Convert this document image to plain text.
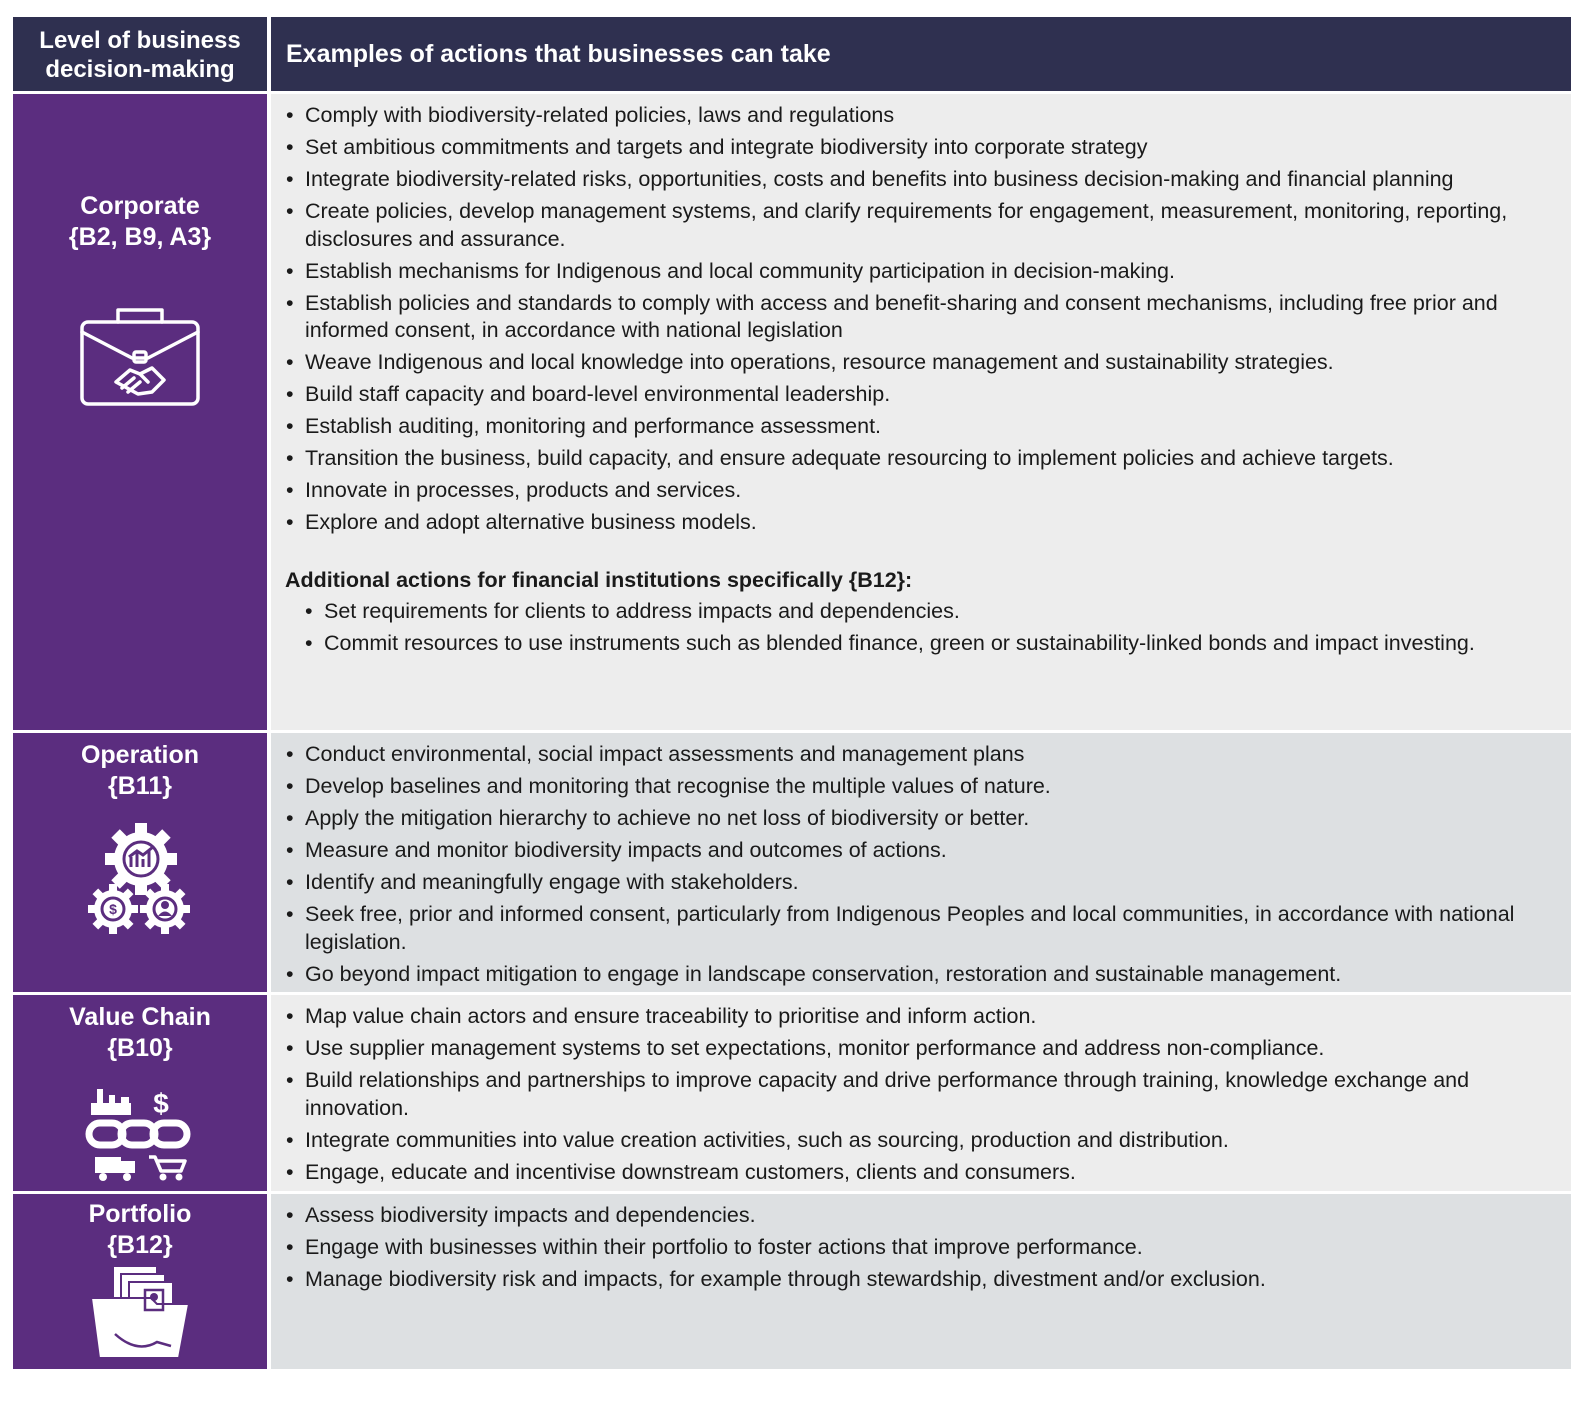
Level of business
decision-making
Examples of actions that businesses can take
Corporate
{B2, B9, A3}
• Comply with biodiversity-related policies, laws and regulations
• Set ambitious commitments and targets and integrate biodiversity into corporate strategy
• Integrate biodiversity-related risks, opportunities, costs and benefits into business decision-making and financial planning
• Create policies, develop management systems, and clarify requirements for engagement, measurement, monitoring, reporting, disclosures and assurance.
• Establish mechanisms for Indigenous and local community participation in decision-making.
• Establish policies and standards to comply with access and benefit-sharing and consent mechanisms, including free prior and informed consent, in accordance with national legislation
• Weave Indigenous and local knowledge into operations, resource management and sustainability strategies.
• Build staff capacity and board-level environmental leadership.
• Establish auditing, monitoring and performance assessment.
• Transition the business, build capacity, and ensure adequate resourcing to implement policies and achieve targets.
• Innovate in processes, products and services.
• Explore and adopt alternative business models.
Additional actions for financial institutions specifically {B12}:
• Set requirements for clients to address impacts and dependencies.
• Commit resources to use instruments such as blended finance, green or sustainability-linked bonds and impact investing.
Operation
{B11}
$
• Conduct environmental, social impact assessments and management plans
• Develop baselines and monitoring that recognise the multiple values of nature.
• Apply the mitigation hierarchy to achieve no net loss of biodiversity or better.
• Measure and monitor biodiversity impacts and outcomes of actions.
• Identify and meaningfully engage with stakeholders.
• Seek free, prior and informed consent, particularly from Indigenous Peoples and local communities, in accordance with national legislation.
• Go beyond impact mitigation to engage in landscape conservation, restoration and sustainable management.
Value Chain
{B10}
$
• Map value chain actors and ensure traceability to prioritise and inform action.
• Use supplier management systems to set expectations, monitor performance and address non-compliance.
• Build relationships and partnerships to improve capacity and drive performance through training, knowledge exchange and innovation.
• Integrate communities into value creation activities, such as sourcing, production and distribution.
• Engage, educate and incentivise downstream customers, clients and consumers.
Portfolio
{B12}
• Assess biodiversity impacts and dependencies.
• Engage with businesses within their portfolio to foster actions that improve performance.
• Manage biodiversity risk and impacts, for example through stewardship, divestment and/or exclusion.
